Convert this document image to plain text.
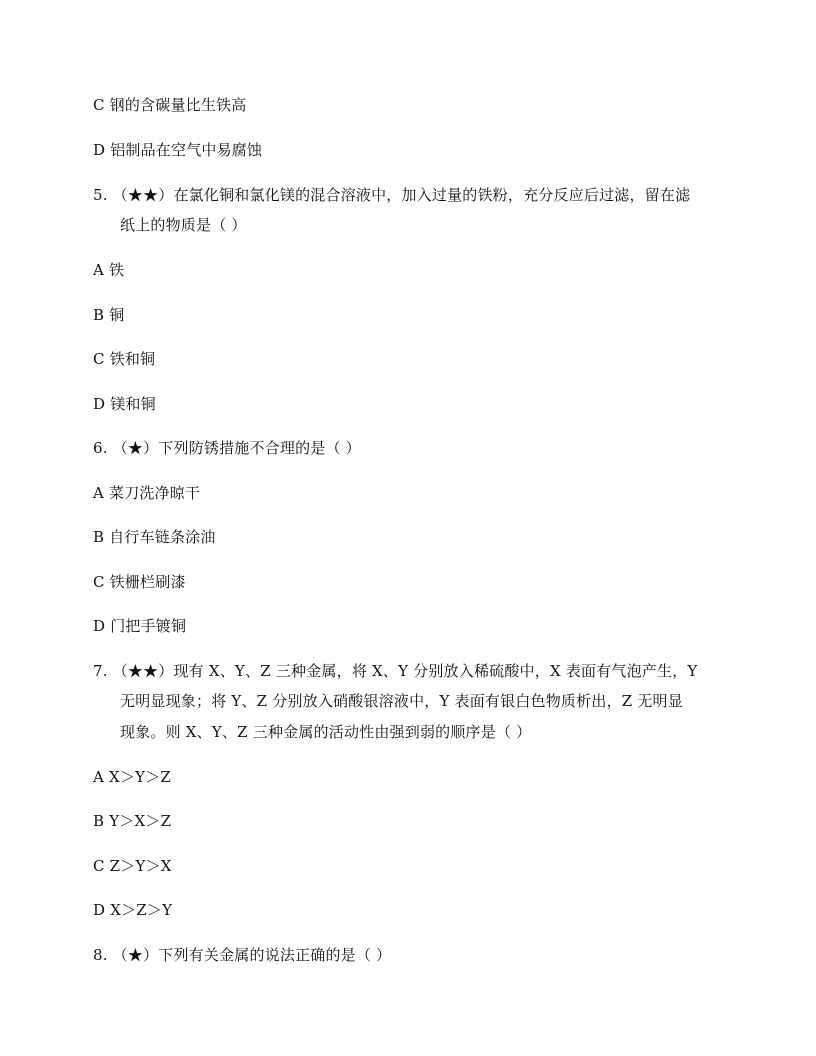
C 钢的含碳量比生铁高
D 铝制品在空气中易腐蚀
5. （★★）在氯化铜和氯化镁的混合溶液中，加入过量的铁粉，充分反应后过滤，留在滤
纸上的物质是（ ）
A 铁
B 铜
C 铁和铜
D 镁和铜
6. （★）下列防锈措施不合理的是（ ）
A 菜刀洗净晾干
B 自行车链条涂油
C 铁栅栏刷漆
D 门把手镀铜
7. （★★）现有 X、Y、Z 三种金属，将 X、Y 分别放入稀硫酸中，X 表面有气泡产生，Y
无明显现象；将 Y、Z 分别放入硝酸银溶液中，Y 表面有银白色物质析出，Z 无明显
现象。则 X、Y、Z 三种金属的活动性由强到弱的顺序是（ ）
A X＞Y＞Z
B Y＞X＞Z
C Z＞Y＞X
D X＞Z＞Y
8. （★）下列有关金属的说法正确的是（ ）
